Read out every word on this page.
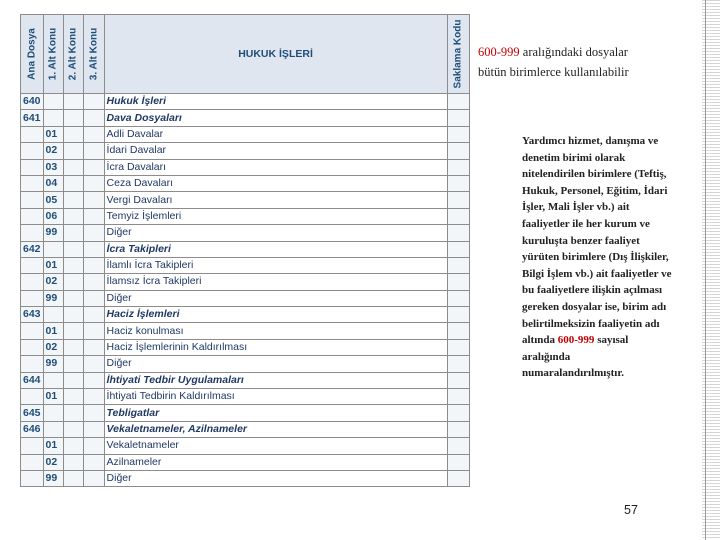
Ana Dosya	1. Alt Konu	2. Alt Konu	3. Alt Konu	HUKUK İŞLERİ	Saklama Kodu

640				Hukuk İşleri	
641				Dava Dosyaları	
	01			Adli Davalar	
	02			İdari Davalar	
	03			İcra Davaları	
	04			Ceza Davaları	
	05			Vergi Davaları	
	06			Temyiz İşlemleri	
	99			Diğer	
642				İcra Takipleri	
	01			İlamlı İcra Takipleri	
	02			İlamsız İcra Takipleri	
	99			Diğer	
643				Haciz İşlemleri	
	01			Haciz konulması	
	02			Haciz İşlemlerinin Kaldırılması	
	99			Diğer	
644				İhtiyati Tedbir Uygulamaları	
	01			İhtiyati Tedbirin Kaldırılması	
645				Tebligatlar	
646				Vekaletnameler, Azilnameler	
	01			Vekaletnameler	
	02			Azilnameler	
	99			Diğer	
600-999 aralığındaki dosyalar bütün birimlerce kullanılabilir
Yardımcı hizmet, danışma ve denetim birimi olarak nitelendirilen birimlere (Teftiş, Hukuk, Personel, Eğitim, İdari İşler, Mali İşler vb.) ait faaliyetler ile her kurum ve kuruluşta benzer faaliyet yürüten birimlere (Dış İlişkiler, Bilgi İşlem vb.) ait faaliyetler ve bu faaliyetlere ilişkin açılması gereken dosyalar ise, birim adı belirtilmeksizin faaliyetin adı altında 600-999 sayısal aralığında numaralandırılmıştır.
57
